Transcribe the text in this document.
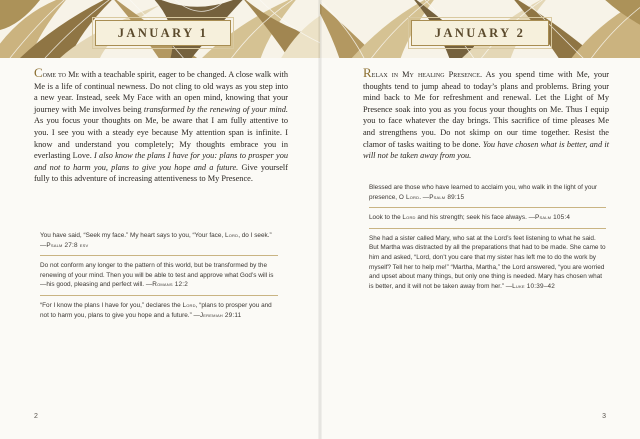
JANUARY 1

Come to Me with a teachable spirit, eager to be changed. A close walk with Me is a life of continual newness. Do not cling to old ways as you step into a new year. Instead, seek My Face with an open mind, knowing that your journey with Me involves being transformed by the renewing of your mind. As you focus your thoughts on Me, be aware that I am fully attentive to you. I see you with a steady eye because My attention span is infinite. I know and understand you completely; My thoughts embrace you in everlasting Love. I also know the plans I have for you: plans to prosper you and not to harm you, plans to give you hope and a future. Give yourself fully to this adventure of increasing attentiveness to My Presence.

You have said, “Seek my face.” My heart says to you, “Your face, Lord, do I seek.” —Psalm 27:8 esv
Do not conform any longer to the pattern of this world, but be transformed by the renewing of your mind. Then you will be able to test and approve what God’s will is—his good, pleasing and perfect will. —Romans 12:2
“For I know the plans I have for you,” declares the Lord, “plans to prosper you and not to harm you, plans to give you hope and a future.” —Jeremiah 29:11
2
JANUARY 2

Relax in My healing Presence. As you spend time with Me, your thoughts tend to jump ahead to today’s plans and problems. Bring your mind back to Me for refreshment and renewal. Let the Light of My Presence soak into you as you focus your thoughts on Me. Thus I equip you to face whatever the day brings. This sacrifice of time pleases Me and strengthens you. Do not skimp on our time together. Resist the clamor of tasks waiting to be done. You have chosen what is better, and it will not be taken away from you.

Blessed are those who have learned to acclaim you, who walk in the light of your presence, O Lord. —Psalm 89:15
Look to the Lord and his strength; seek his face always. —Psalm 105:4
She had a sister called Mary, who sat at the Lord’s feet listening to what he said. But Martha was distracted by all the preparations that had to be made. She came to him and asked, “Lord, don’t you care that my sister has left me to do the work by myself? Tell her to help me!” “Martha, Martha,” the Lord answered, “you are worried and upset about many things, but only one thing is needed. Mary has chosen what is better, and it will not be taken away from her.” —Luke 10:39–42
3
